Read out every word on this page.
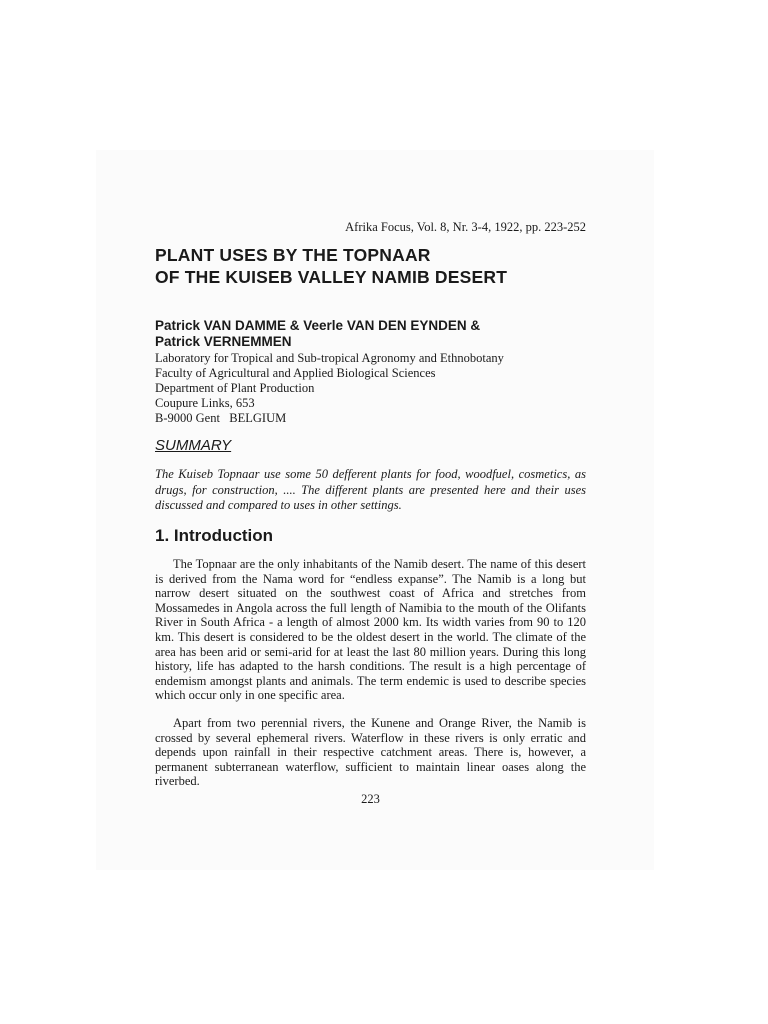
Afrika Focus, Vol. 8, Nr. 3-4, 1922, pp. 223-252
PLANT USES BY THE TOPNAAR
OF THE KUISEB VALLEY NAMIB DESERT
Patrick VAN DAMME & Veerle VAN DEN EYNDEN &
Patrick VERNEMMEN
Laboratory for Tropical and Sub-tropical Agronomy and Ethnobotany
Faculty of Agricultural and Applied Biological Sciences
Department of Plant Production
Coupure Links, 653
B-9000 Gent   BELGIUM
SUMMARY
The Kuiseb Topnaar use some 50 defferent plants for food, woodfuel, cosmetics, as drugs, for construction, .... The different plants are presented here and their uses discussed and compared to uses in other settings.
1. Introduction
The Topnaar are the only inhabitants of the Namib desert. The name of this desert is derived from the Nama word for “endless expanse”. The Namib is a long but narrow desert situated on the southwest coast of Africa and stretches from Mossamedes in Angola across the full length of Namibia to the mouth of the Olifants River in South Africa - a length of almost 2000 km. Its width varies from 90 to 120 km. This desert is considered to be the oldest desert in the world. The climate of the area has been arid or semi-arid for at least the last 80 million years. During this long history, life has adapted to the harsh conditions. The result is a high percentage of endemism amongst plants and animals. The term endemic is used to describe species which occur only in one specific area.
Apart from two perennial rivers, the Kunene and Orange River, the Namib is crossed by several ephemeral rivers. Waterflow in these rivers is only erratic and depends upon rainfall in their respective catchment areas. There is, however, a permanent subterranean waterflow, sufficient to maintain linear oases along the riverbed.
223
